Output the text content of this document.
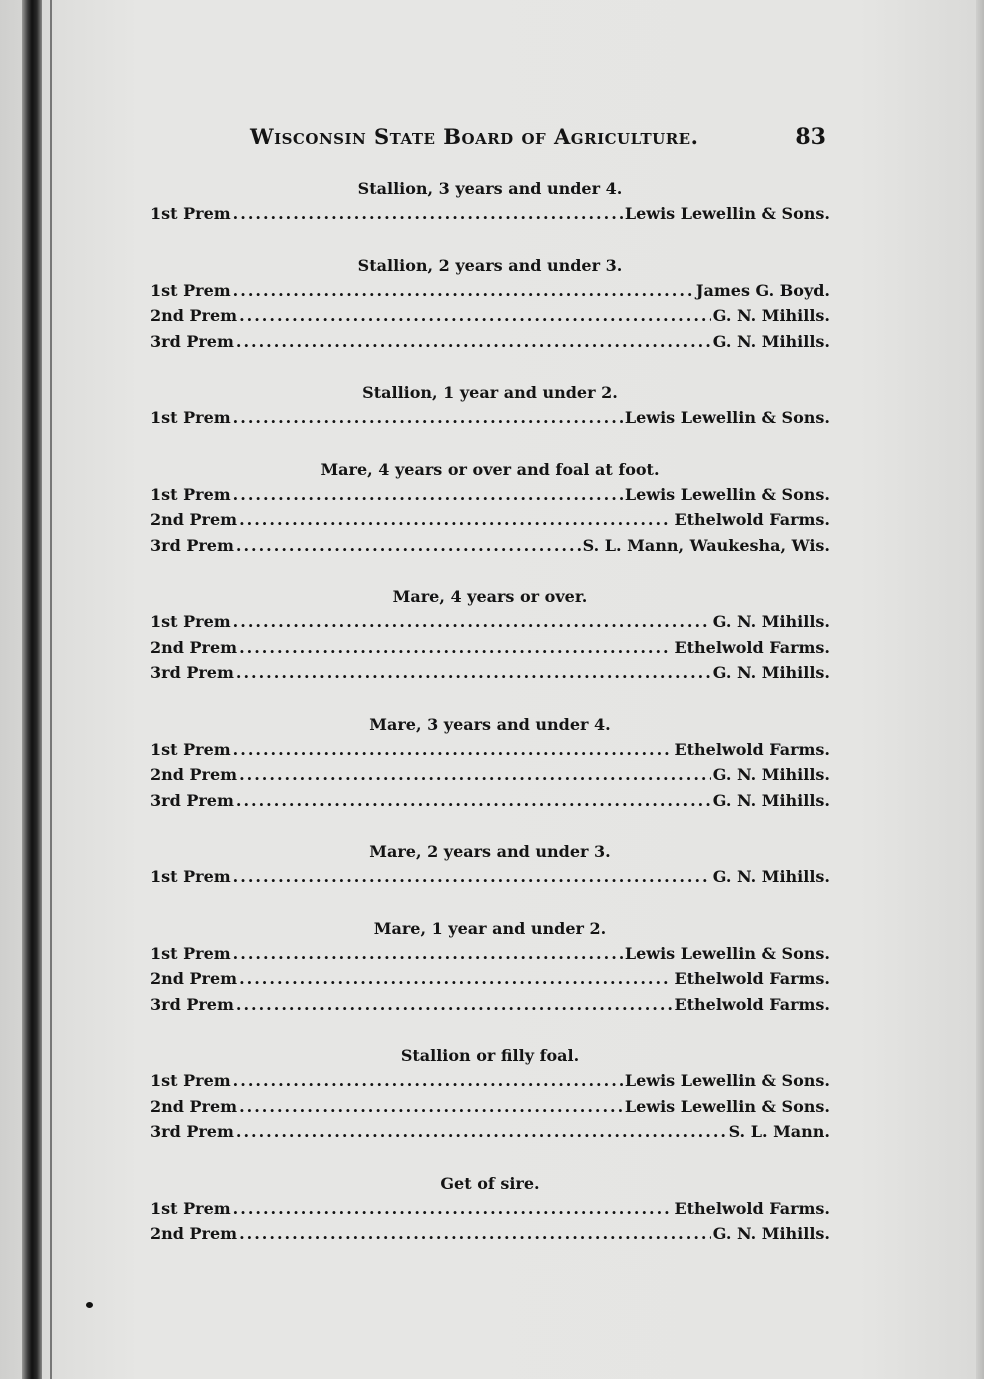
Wisconsin State Board of Agriculture.	83
Stallion, 3 years and under 4.
1st Prem .....	Lewis Lewellin & Sons.
Stallion, 2 years and under 3.
1st Prem .....	James G. Boyd.
2nd Prem .....	G. N. Mihills.
3rd Prem .....	G. N. Mihills.
Stallion, 1 year and under 2.
1st Prem .....	Lewis Lewellin & Sons.
Mare, 4 years or over and foal at foot.
1st Prem .....	Lewis Lewellin & Sons.
2nd Prem .....	Ethelwold Farms.
3rd Prem .....	S. L. Mann, Waukesha, Wis.
Mare, 4 years or over.
1st Prem .....	G. N. Mihills.
2nd Prem .....	Ethelwold Farms.
3rd Prem .....	G. N. Mihills.
Mare, 3 years and under 4.
1st Prem .....	Ethelwold Farms.
2nd Prem .....	G. N. Mihills.
3rd Prem .....	G. N. Mihills.
Mare, 2 years and under 3.
1st Prem .....	G. N. Mihills.
Mare, 1 year and under 2.
1st Prem .....	Lewis Lewellin & Sons.
2nd Prem .....	Ethelwold Farms.
3rd Prem .....	Ethelwold Farms.
Stallion or filly foal.
1st Prem .....	Lewis Lewellin & Sons.
2nd Prem .....	Lewis Lewellin & Sons.
3rd Prem .....	S. L. Mann.
Get of sire.
1st Prem .....	Ethelwold Farms.
2nd Prem .....	G. N. Mihills.
